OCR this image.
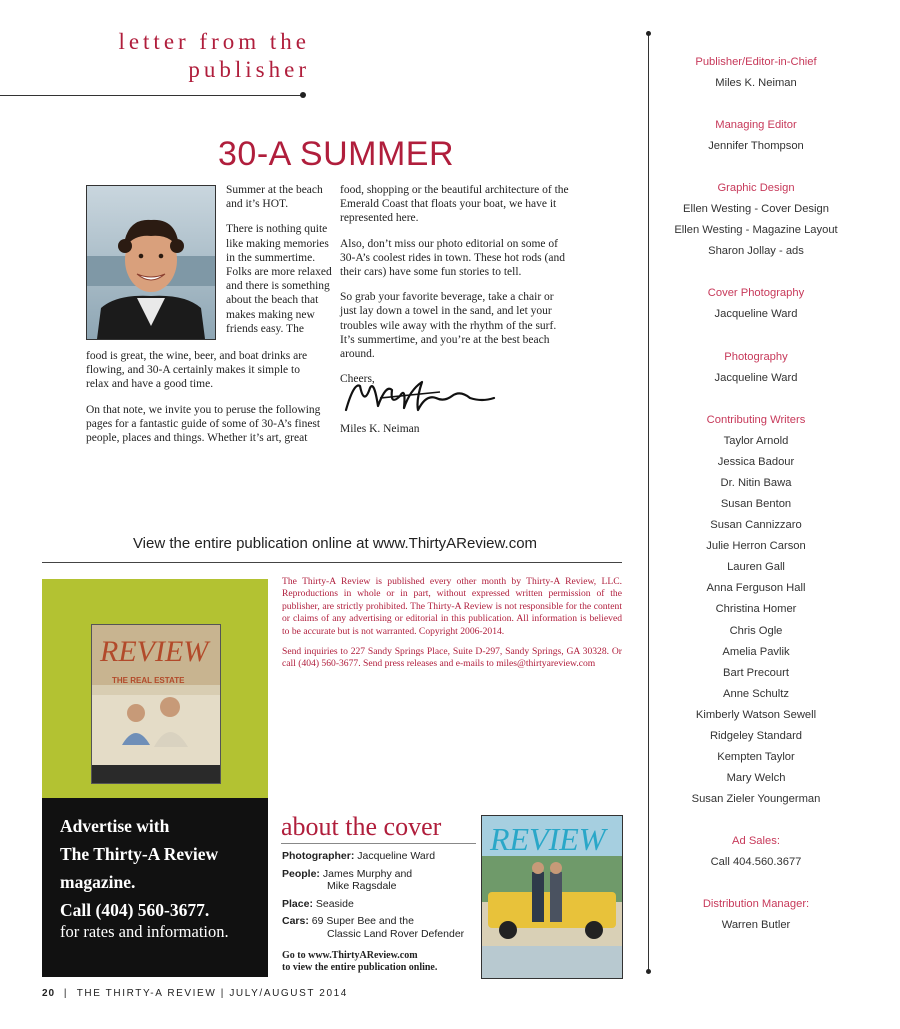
letter from the
publisher
30-A SUMMER

Summer at the beach and it’s HOT.

There is nothing quite like making memories in the summertime. Folks are more relaxed and there is something about the beach that makes making new friends easy. The

food is great, the wine, beer, and boat drinks are flowing, and 30-A certainly makes it simple to relax and have a good time.

On that note, we invite you to peruse the following pages for a fantastic guide of some of 30-A’s finest people, places and things. Whether it’s art, great

food, shopping or the beautiful architecture of the Emerald Coast that floats your boat, we have it represented here.

Also, don’t miss our photo editorial on some of 30-A’s coolest rides in town. These hot rods (and their cars) have some fun stories to tell.

So grab your favorite beverage, take a chair or just lay down a towel in the sand, and let your troubles wile away with the rhythm of the surf. It’s summertime, and you’re at the best beach around.

Cheers,

Miles K. Neiman
View the entire publication online at www.ThirtyAReview.com
REVIEW
THE REAL ESTATE
Advertise with
The Thirty-A Review
magazine.
Call (404) 560-3677.
for rates and information.

The Thirty-A Review is published every other month by Thirty-A Review, LLC. Reproductions in whole or in part, without expressed written permission of the publisher, are strictly prohibited. The Thirty-A Review is not responsible for the content or claims of any advertising or editorial in this publication. All information is believed to be accurate but is not warranted. Copyright 2006-2014.

Send inquiries to 227 Sandy Springs Place, Suite D-297, Sandy Springs, GA 30328. Or call (404) 560-3677. Send press releases and e-mails to miles@thirtyareview.com

about the cover
Photographer: Jacqueline Ward
People: James Murphy and
Mike Ragsdale
Place: Seaside
Cars: 69 Super Bee and the
Classic Land Rover Defender
Go to www.ThirtyAReview.com
to view the entire publication online.
REVIEW
20  |  THE THIRTY-A REVIEW | JULY/AUGUST 2014
Publisher/Editor-in-Chief
Miles K. Neiman
Managing Editor
Jennifer Thompson
Graphic Design
Ellen Westing - Cover Design
Ellen Westing - Magazine Layout
Sharon Jollay - ads
Cover Photography
Jacqueline Ward
Photography
Jacqueline Ward
Contributing Writers
Taylor Arnold
Jessica Badour
Dr. Nitin Bawa
Susan Benton
Susan Cannizzaro
Julie Herron Carson
Lauren Gall
Anna Ferguson Hall
Christina Homer
Chris Ogle
Amelia Pavlik
Bart Precourt
Anne Schultz
Kimberly Watson Sewell
Ridgeley Standard
Kempten Taylor
Mary Welch
Susan Zieler Youngerman
Ad Sales:
Call 404.560.3677
Distribution Manager:
Warren Butler
